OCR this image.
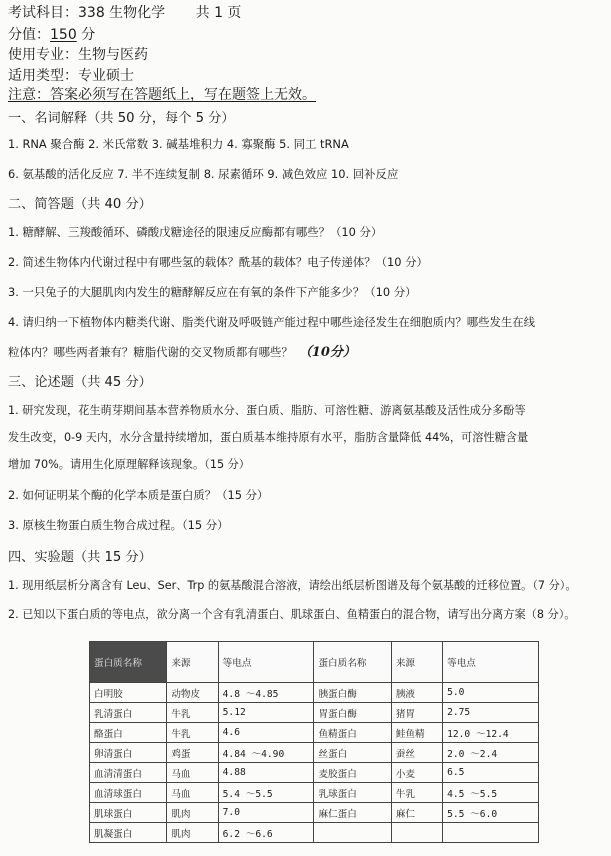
考试科目：338 生物化学 共 1 页
分值：150 分
使用专业：生物与医药
适用类型：专业硕士
注意：答案必须写在答题纸上，写在题签上无效。
一、名词解释（共 50 分，每个 5 分）
1. RNA 聚合酶 2. 米氏常数 3. 碱基堆积力 4. 寡聚酶 5. 同工 tRNA
6. 氨基酸的活化反应 7. 半不连续复制 8. 尿素循环 9. 减色效应 10. 回补反应
二、简答题（共 40 分）
1. 糖酵解、三羧酸循环、磷酸戊糖途径的限速反应酶都有哪些？（10 分）
2. 简述生物体内代谢过程中有哪些氢的载体？酰基的载体？电子传递体？（10 分）
3. 一只兔子的大腿肌肉内发生的糖酵解反应在有氧的条件下产能多少？（10 分）
4. 请归纳一下植物体内糖类代谢、脂类代谢及呼吸链产能过程中哪些途径发生在细胞质内？哪些发生在线
粒体内？哪些两者兼有？糖脂代谢的交叉物质都有哪些？ （10分）
三、论述题（共 45 分）
1. 研究发现，花生萌芽期间基本营养物质水分、蛋白质、脂肪、可溶性糖、游离氨基酸及活性成分多酚等
发生改变，0-9 天内，水分含量持续增加，蛋白质基本维持原有水平，脂肪含量降低 44%，可溶性糖含量
增加 70%。请用生化原理解释该现象。（15 分）
2. 如何证明某个酶的化学本质是蛋白质？（15 分）
3. 原核生物蛋白质生物合成过程。（15 分）
四、实验题（共 15 分）
1. 现用纸层析分离含有 Leu、Ser、Trp 的氨基酸混合溶液，请绘出纸层析图谱及每个氨基酸的迁移位置。（7 分）。
2. 已知以下蛋白质的等电点，欲分离一个含有乳清蛋白、肌球蛋白、鱼精蛋白的混合物，请写出分离方案（8 分）。
蛋白质名称	来源	等电点	蛋白质名称	来源	等电点
白明胶	动物皮	4.8 ～4.85	胰蛋白酶	胰液	5.0
乳清蛋白	牛乳	5.12	胃蛋白酶	猪胃	2.75
酪蛋白	牛乳	4.6	鱼精蛋白	鲑鱼精	12.0 ～12.4
卵清蛋白	鸡蛋	4.84 ～4.90	丝蛋白	蚕丝	2.0 ～2.4
血清清蛋白	马血	4.88	麦胶蛋白	小麦	6.5
血清球蛋白	马血	5.4 ～5.5	乳球蛋白	牛乳	4.5 ～5.5
肌球蛋白	肌肉	7.0	麻仁蛋白	麻仁	5.5 ～6.0
肌凝蛋白	肌肉	6.2 ～6.6			
